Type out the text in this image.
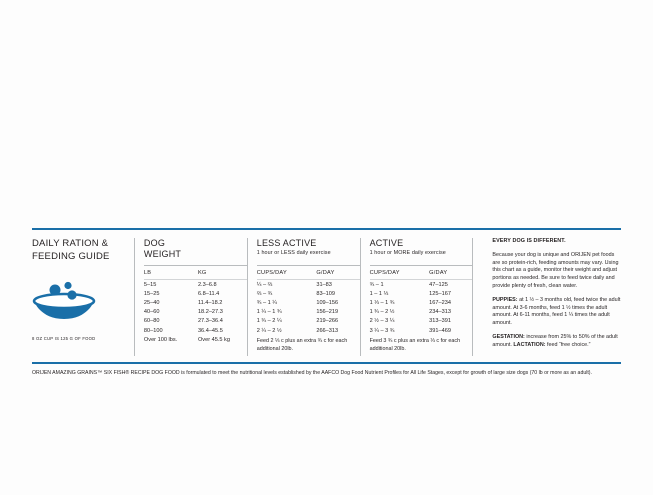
DAILY RATION &
FEEDING GUIDE
8 OZ CUP IS 125 G OF FOOD
DOG
WEIGHT
LB	KG

5–15	2.3–6.8
15–25	6.8–11.4
25–40	11.4–18.2
40–60	18.2–27.3
60–80	27.3–36.4
80–100	36.4–45.5
Over 100 lbs.	Over 45.5 kg
LESS ACTIVE
1 hour or LESS daily exercise
CUPS/DAY	G/DAY

¼ – ⅔	31–83
⅔ – ¾	83–109
¾ – 1 ¼	109–156
1 ¼ – 1 ¾	156–219
1 ¾ – 2 ¼	219–266
2 ¼ – 2 ½	266–313
Feed 2 ⅓ c plus an extra ¾ c for each additional 20lb.
ACTIVE
1 hour or MORE daily exercise
CUPS/DAY	G/DAY

¾ – 1	47–125
1 – 1 ⅓	125–167
1 ⅓ – 1 ¾	167–234
1 ¾ – 2 ½	234–313
2 ½ – 3 ¼	313–391
3 ¼ – 3 ¾	391–469
Feed 3 ¾ c plus an extra ⅓ c for each additional 20lb.

EVERY DOG IS DIFFERENT.

Because your dog is unique and ORIJEN pet foods are so protein-rich, feeding amounts may vary. Using this chart as a guide, monitor their weight and adjust portions as needed. Be sure to feed twice daily and provide plenty of fresh, clean water.

PUPPIES: at 1 ½ – 3 months old, feed twice the adult amount. At 3-6 months, feed 1 ½ times the adult amount. At 6-11 months, feed 1 ¼ times the adult amount.

GESTATION: increase from 25% to 50% of the adult amount. LACTATION: feed “free choice.”

ORIJEN AMAZING GRAINS™ SIX FISH® RECIPE DOG FOOD is formulated to meet the nutritional levels established by the AAFCO Dog Food Nutrient Profiles for All Life Stages, except for growth of large size dogs (70 lb or more as an adult).
